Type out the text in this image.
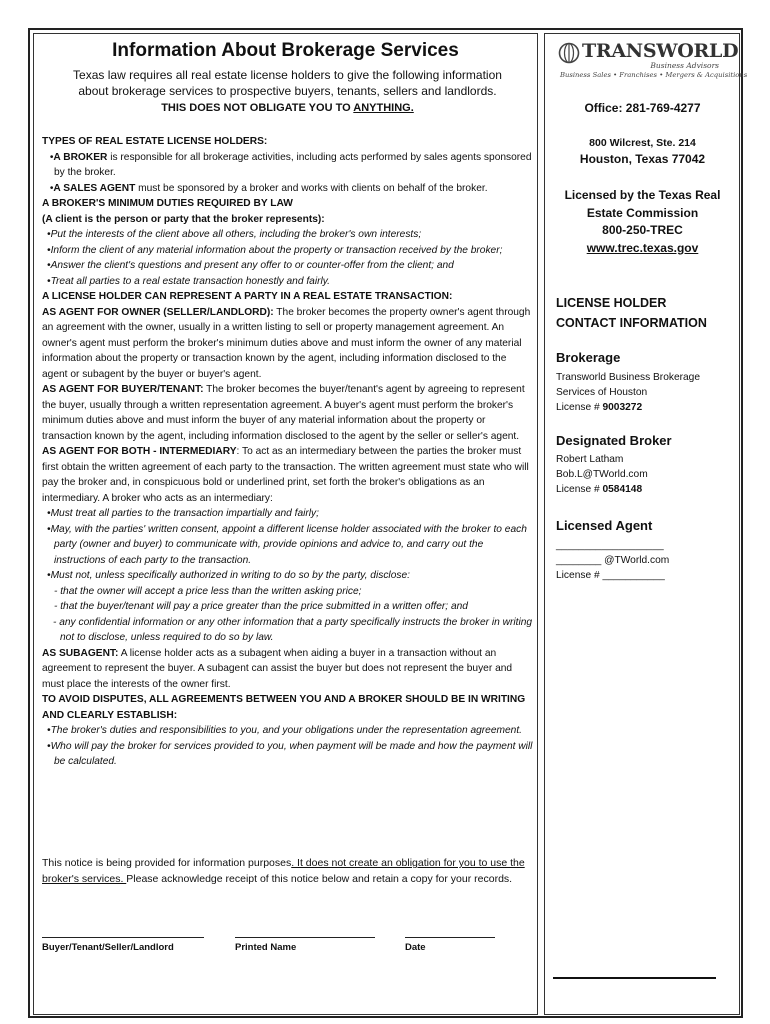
Information About Brokerage Services
Texas law requires all real estate license holders to give the following information
about brokerage services to prospective buyers, tenants, sellers and landlords.
THIS DOES NOT OBLIGATE YOU TO ANYTHING.

TYPES OF REAL ESTATE LICENSE HOLDERS:

•A BROKER is responsible for all brokerage activities, including acts performed by sales agents sponsored by the broker.

•A SALES AGENT must be sponsored by a broker and works with clients on behalf of the broker.

A BROKER'S MINIMUM DUTIES REQUIRED BY LAW

(A client is the person or party that the broker represents):

•Put the interests of the client above all others, including the broker's own interests;

•Inform the client of any material information about the property or transaction received by the broker;

•Answer the client's questions and present any offer to or counter-offer from the client; and

•Treat all parties to a real estate transaction honestly and fairly.

A LICENSE HOLDER CAN REPRESENT A PARTY IN A REAL ESTATE TRANSACTION:

AS AGENT FOR OWNER (SELLER/LANDLORD): The broker becomes the property owner's agent through an agreement with the owner, usually in a written listing to sell or property management agreement. An owner's agent must perform the broker's minimum duties above and must inform the owner of any material information about the property or transaction known by the agent, including information disclosed to the agent or subagent by the buyer or buyer's agent.

AS AGENT FOR BUYER/TENANT: The broker becomes the buyer/tenant's agent by agreeing to represent the buyer, usually through a written representation agreement. A buyer's agent must perform the broker's minimum duties above and must inform the buyer of any material information about the property or transaction known by the agent, including information disclosed to the agent by the seller or seller's agent.

AS AGENT FOR BOTH - INTERMEDIARY: To act as an intermediary between the parties the broker must first obtain the written agreement of each party to the transaction. The written agreement must state who will pay the broker and, in conspicuous bold or underlined print, set forth the broker's obligations as an intermediary. A broker who acts as an intermediary:

•Must treat all parties to the transaction impartially and fairly;

•May, with the parties' written consent, appoint a different license holder associated with the broker to each party (owner and buyer) to communicate with, provide opinions and advice to, and carry out the instructions of each party to the transaction.

•Must not, unless specifically authorized in writing to do so by the party, disclose:

- that the owner will accept a price less than the written asking price;

- that the buyer/tenant will pay a price greater than the price submitted in a written offer; and

- any confidential information or any other information that a party specifically instructs the broker in writing not to disclose, unless required to do so by law.

AS SUBAGENT: A license holder acts as a subagent when aiding a buyer in a transaction without an agreement to represent the buyer. A subagent can assist the buyer but does not represent the buyer and must place the interests of the owner first.

TO AVOID DISPUTES, ALL AGREEMENTS BETWEEN YOU AND A BROKER SHOULD BE IN WRITING AND CLEARLY ESTABLISH:

•The broker's duties and responsibilities to you, and your obligations under the representation agreement.

•Who will pay the broker for services provided to you, when payment will be made and how the payment will be calculated.

This notice is being provided for information purposes. It does not create an obligation for you to use the broker's services. Please acknowledge receipt of this notice below and retain a copy for your records.
Buyer/Tenant/Seller/Landlord	Printed Name	Date
TRANSWORLD
Business Advisors
Business Sales • Franchises • Mergers & Acquisitions
Office: 281-769-4277
800 Wilcrest, Ste. 214
Houston, Texas 77042
Licensed by the Texas Real
Estate Commission
800-250-TREC
www.trec.texas.gov
LICENSE HOLDER
CONTACT INFORMATION
Brokerage
Transworld Business Brokerage
Services of Houston
License # 9003272
Designated Broker
Robert Latham
Bob.L@TWorld.com
License # 0584148
Licensed Agent
___________________
________ @TWorld.com
License # ___________
